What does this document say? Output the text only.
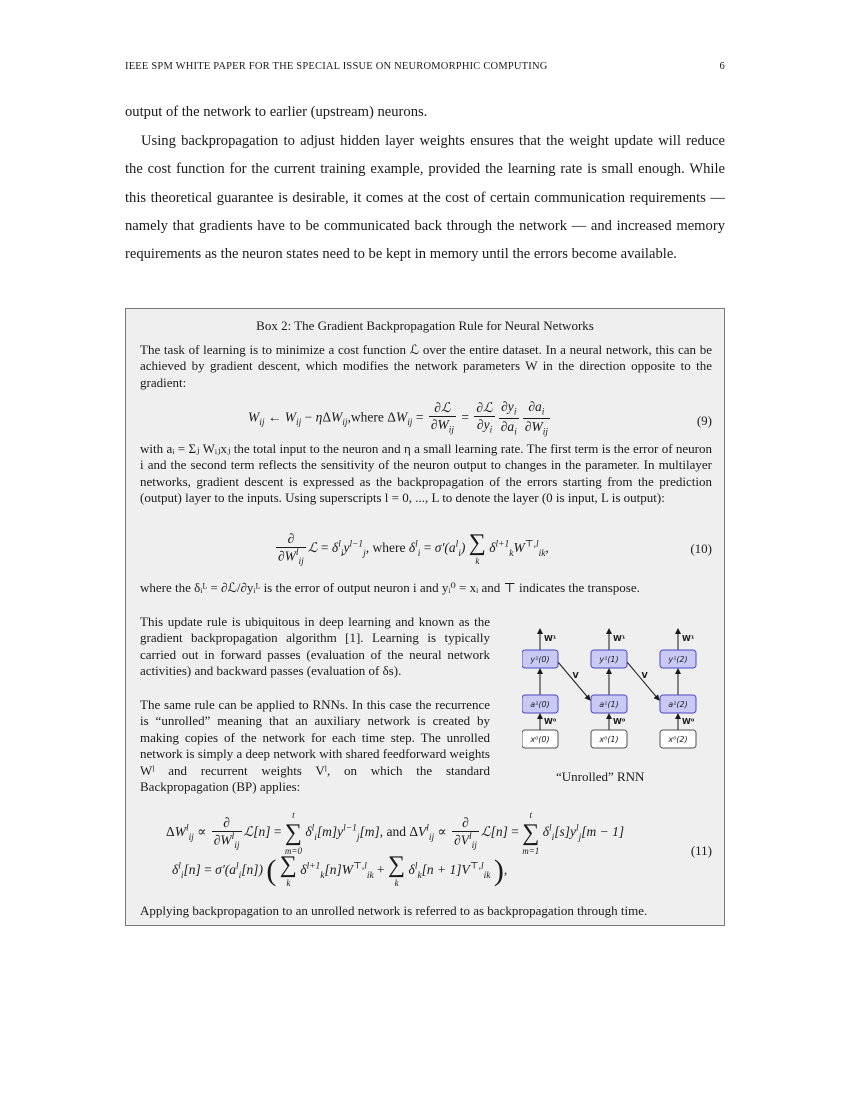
IEEE SPM WHITE PAPER FOR THE SPECIAL ISSUE ON NEUROMORPHIC COMPUTING	6
output of the network to earlier (upstream) neurons.
Using backpropagation to adjust hidden layer weights ensures that the weight update will reduce the cost function for the current training example, provided the learning rate is small enough. While this theoretical guarantee is desirable, it comes at the cost of certain communication requirements — namely that gradients have to be communicated back through the network — and increased memory requirements as the neuron states need to be kept in memory until the errors become available.
Box 2: The Gradient Backpropagation Rule for Neural Networks
The task of learning is to minimize a cost function ℒ over the entire dataset. In a neural network, this can be achieved by gradient descent, which modifies the network parameters W in the direction opposite to the gradient:
$W_{ij}$ ← $W_{ij}$ − ηΔW$_{ij}$,where $\Delta W_{ij} = \frac{\text{∂ℒ}}{\partial W_{ij}} = \frac{\text{∂ℒ}}{\partial y_i} \frac{\partial y_i}{\partial a_i} \frac{\partial a_i}{\partial W_{ij}}$	(9)
with aᵢ = Σⱼ Wᵢⱼxⱼ the total input to the neuron and η a small learning rate. The first term is the error of neuron i and the second term reflects the sensitivity of the neuron output to changes in the parameter. In multilayer networks, gradient descent is expressed as the backpropagation of the errors starting from the prediction (output) layer to the inputs. Using superscripts l = 0, ..., L to denote the layer (0 is input, L is output):
$\frac{\partial}{\partial W^l_{ij}}$ ℒ = $\delta^l_iy^{l-1}_j$, where $\delta^l_i = \sigma'(a^l_i)$ ∑
k
$\delta^{l+1}_kW^{⊤,l}_{ik}$,	(10)
where the δᵢᴸ = ∂ℒ/∂yᵢᴸ is the error of output neuron i and yᵢ⁰ = xᵢ and ⊤ indicates the transpose.
This update rule is ubiquitous in deep learning and known as the gradient backpropagation algorithm [1]. Learning is typically carried out in forward passes (evaluation of the neural network activities) and backward passes (evaluation of δs).
The same rule can be applied to RNNs. In this case the recurrence is “unrolled” meaning that an auxiliary network is created by making copies of the network for each time step. The unrolled network is simply a deep network with shared feedforward weights Wˡ and recurrent weights Vˡ, on which the standard Backpropagation (BP) applies:
W¹
W⁰
V
W¹
W⁰
V
W¹
W⁰
y¹(0)
a¹(0)
x⁰(0)
y¹(1)
a¹(1)
x⁰(1)
y¹(2)
a¹(2)
x⁰(2)
“Unrolled” RNN
$\Delta W^l_{ij} \propto \frac{\partial}{\partial W^l_{ij}}$ ℒ[n] =
t
∑
m=0
$\delta^l_i[m]y^{l-1}_j[m]$, and $\Delta V^l_{ij} \propto \frac{\partial}{\partial V^l_{ij}}$ ℒ[n] =
t
∑
m=1
$\delta^l_i[s]y^l_j[m - 1]$
$\delta^l_i[n] = \sigma'(a^l_i[n])$ ( ∑
k
$\delta^{l+1}_k[n]W^{⊤,l}_{ik}$ + ∑
k
$\delta^l_k[n + 1]V^{⊤,l}_{ik}$ ),
(11)
Applying backpropagation to an unrolled network is referred to as backpropagation through time.
